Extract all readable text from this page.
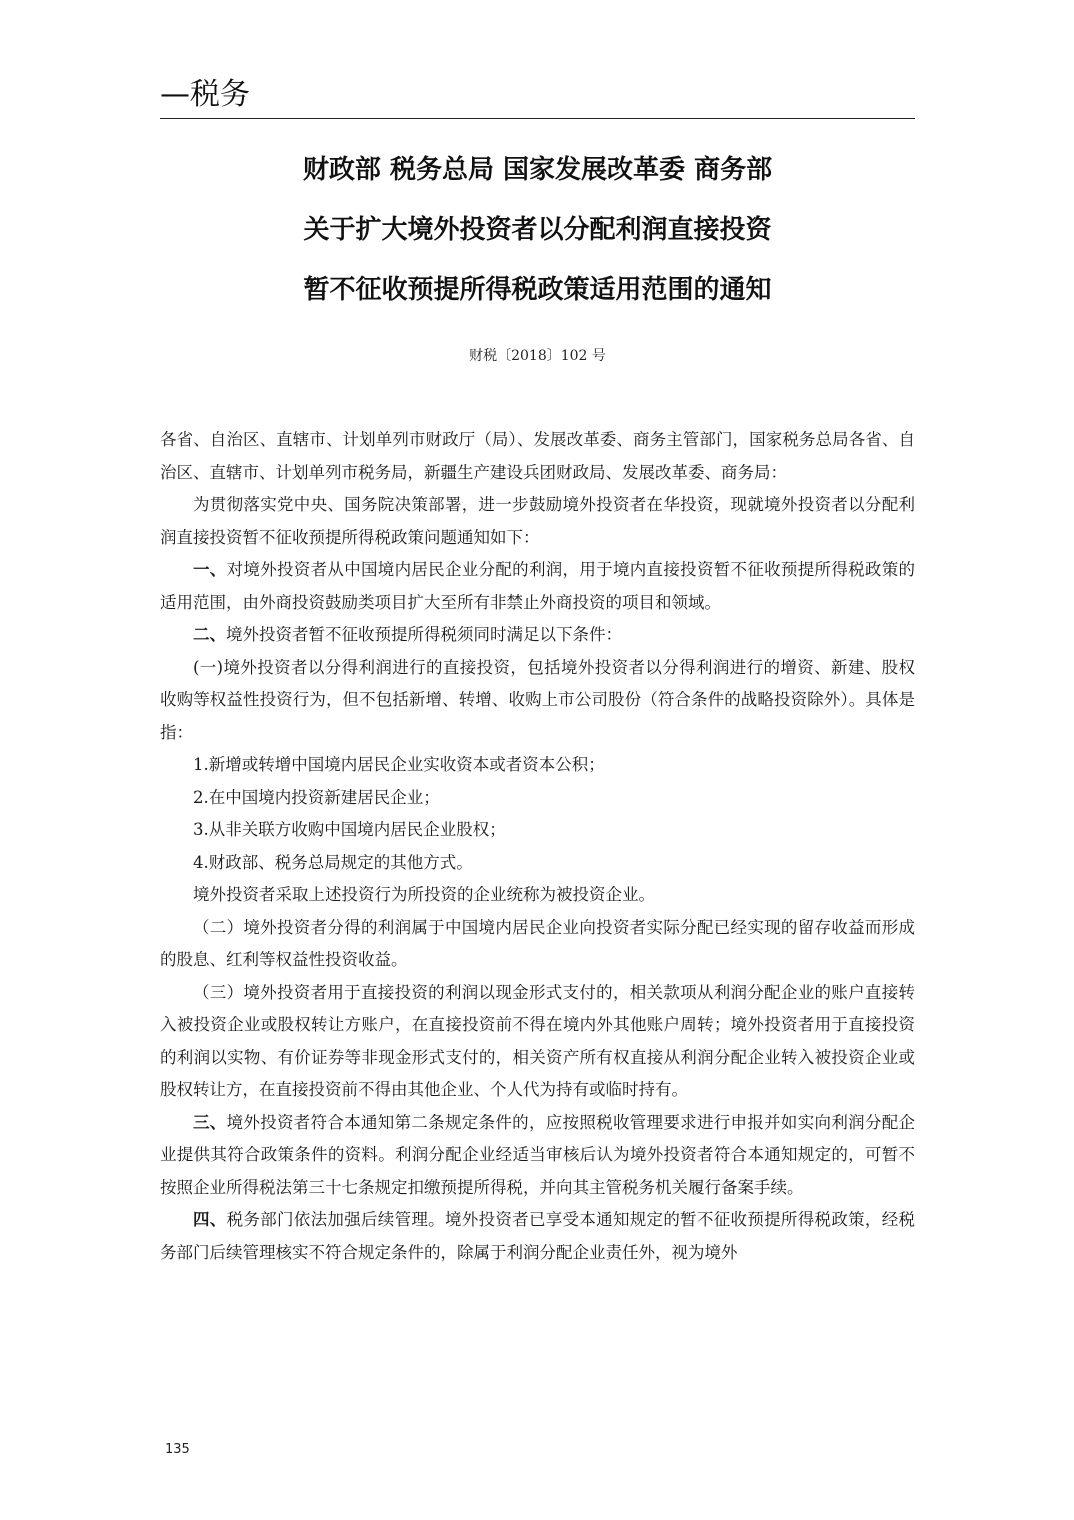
—税务
财政部 税务总局 国家发展改革委 商务部
关于扩大境外投资者以分配利润直接投资
暂不征收预提所得税政策适用范围的通知
财税〔2018〕102 号

各省、自治区、直辖市、计划单列市财政厅（局）、发展改革委、商务主管部门，国家税务总局各省、自治区、直辖市、计划单列市税务局，新疆生产建设兵团财政局、发展改革委、商务局：

为贯彻落实党中央、国务院决策部署，进一步鼓励境外投资者在华投资，现就境外投资者以分配利润直接投资暂不征收预提所得税政策问题通知如下：

一、对境外投资者从中国境内居民企业分配的利润，用于境内直接投资暂不征收预提所得税政策的适用范围，由外商投资鼓励类项目扩大至所有非禁止外商投资的项目和领域。

二、境外投资者暂不征收预提所得税须同时满足以下条件：

(一)境外投资者以分得利润进行的直接投资，包括境外投资者以分得利润进行的增资、新建、股权收购等权益性投资行为，但不包括新增、转增、收购上市公司股份（符合条件的战略投资除外）。具体是指：

1.新增或转增中国境内居民企业实收资本或者资本公积；

2.在中国境内投资新建居民企业；

3.从非关联方收购中国境内居民企业股权；

4.财政部、税务总局规定的其他方式。

境外投资者采取上述投资行为所投资的企业统称为被投资企业。

（二）境外投资者分得的利润属于中国境内居民企业向投资者实际分配已经实现的留存收益而形成的股息、红利等权益性投资收益。

（三）境外投资者用于直接投资的利润以现金形式支付的，相关款项从利润分配企业的账户直接转入被投资企业或股权转让方账户，在直接投资前不得在境内外其他账户周转；境外投资者用于直接投资的利润以实物、有价证券等非现金形式支付的，相关资产所有权直接从利润分配企业转入被投资企业或股权转让方，在直接投资前不得由其他企业、个人代为持有或临时持有。

三、境外投资者符合本通知第二条规定条件的，应按照税收管理要求进行申报并如实向利润分配企业提供其符合政策条件的资料。利润分配企业经适当审核后认为境外投资者符合本通知规定的，可暂不按照企业所得税法第三十七条规定扣缴预提所得税，并向其主管税务机关履行备案手续。

四、税务部门依法加强后续管理。境外投资者已享受本通知规定的暂不征收预提所得税政策，经税务部门后续管理核实不符合规定条件的，除属于利润分配企业责任外，视为境外

135
